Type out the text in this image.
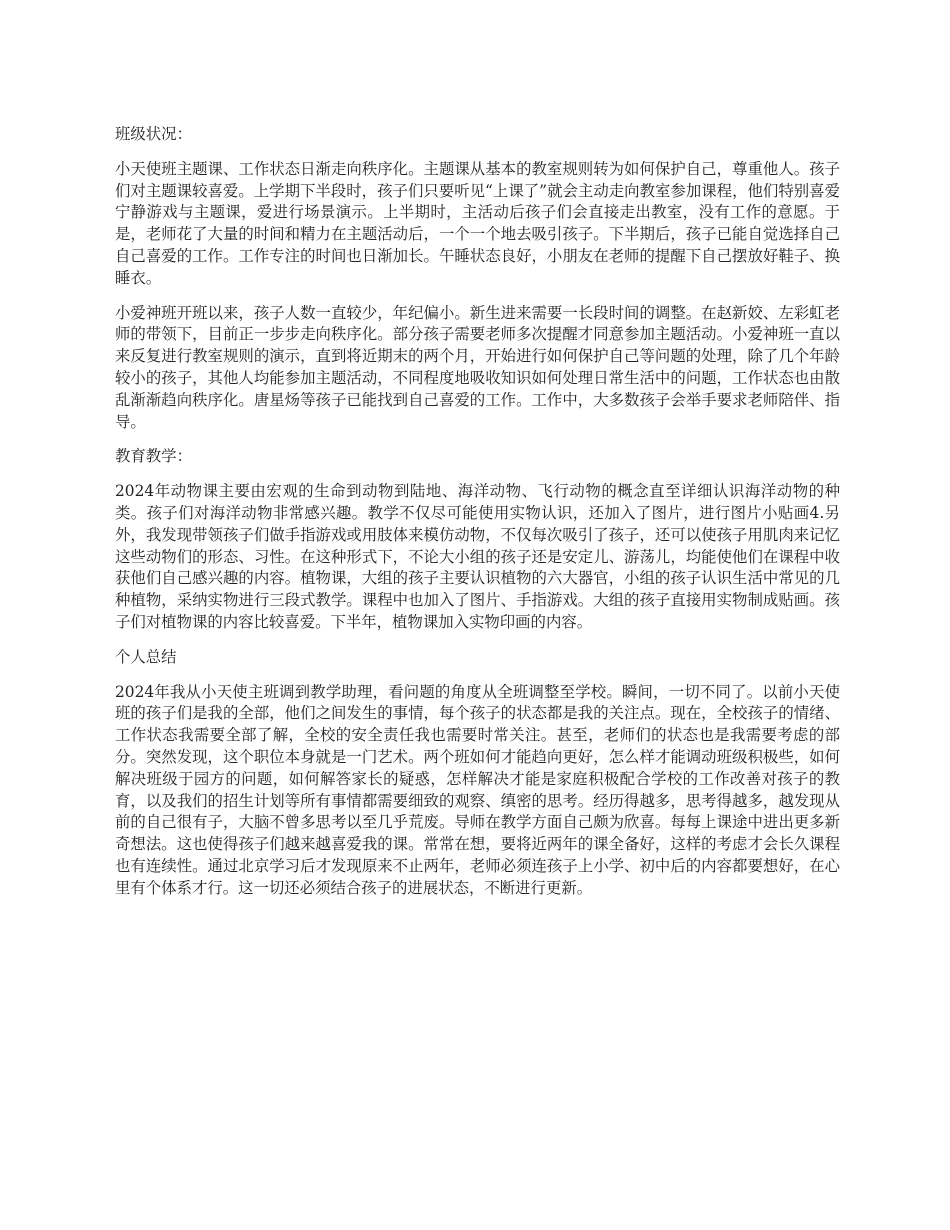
班级状况：

小天使班主题课、工作状态日渐走向秩序化。主题课从基本的教室规则转为如何保护自己，尊重他人。孩子们对主题课较喜爱。上学期下半段时，孩子们只要听见“上课了”就会主动走向教室参加课程，他们特别喜爱宁静游戏与主题课，爱进行场景演示。上半期时，主活动后孩子们会直接走出教室，没有工作的意愿。于是，老师花了大量的时间和精力在主题活动后，一个一个地去吸引孩子。下半期后，孩子已能自觉选择自己自己喜爱的工作。工作专注的时间也日渐加长。午睡状态良好，小朋友在老师的提醒下自己摆放好鞋子、换睡衣。

小爱神班开班以来，孩子人数一直较少，年纪偏小。新生进来需要一长段时间的调整。在赵新姣、左彩虹老师的带领下，目前正一步步走向秩序化。部分孩子需要老师多次提醒才同意参加主题活动。小爱神班一直以来反复进行教室规则的演示，直到将近期末的两个月，开始进行如何保护自己等问题的处理，除了几个年龄较小的孩子，其他人均能参加主题活动，不同程度地吸收知识如何处理日常生活中的问题，工作状态也由散乱渐渐趋向秩序化。唐星炀等孩子已能找到自己喜爱的工作。工作中，大多数孩子会举手要求老师陪伴、指导。

教育教学：

2024年动物课主要由宏观的生命到动物到陆地、海洋动物、飞行动物的概念直至详细认识海洋动物的种类。孩子们对海洋动物非常感兴趣。教学不仅尽可能使用实物认识，还加入了图片，进行图片小贴画4.另外，我发现带领孩子们做手指游戏或用肢体来模仿动物，不仅每次吸引了孩子，还可以使孩子用肌肉来记忆这些动物们的形态、习性。在这种形式下，不论大小组的孩子还是安定儿、游荡儿，均能使他们在课程中收获他们自己感兴趣的内容。植物课，大组的孩子主要认识植物的六大器官，小组的孩子认识生活中常见的几种植物，采纳实物进行三段式教学。课程中也加入了图片、手指游戏。大组的孩子直接用实物制成贴画。孩子们对植物课的内容比较喜爱。下半年，植物课加入实物印画的内容。

个人总结

2024年我从小天使主班调到教学助理，看问题的角度从全班调整至学校。瞬间，一切不同了。以前小天使班的孩子们是我的全部，他们之间发生的事情，每个孩子的状态都是我的关注点。现在，全校孩子的情绪、工作状态我需要全部了解，全校的安全责任我也需要时常关注。甚至，老师们的状态也是我需要考虑的部分。突然发现，这个职位本身就是一门艺术。两个班如何才能趋向更好，怎么样才能调动班级积极些，如何解决班级于园方的问题，如何解答家长的疑惑，怎样解决才能是家庭积极配合学校的工作改善对孩子的教育，以及我们的招生计划等所有事情都需要细致的观察、缜密的思考。经历得越多，思考得越多，越发现从前的自己很有子，大脑不曾多思考以至几乎荒废。导师在教学方面自己颇为欣喜。每每上课途中进出更多新奇想法。这也使得孩子们越来越喜爱我的课。常常在想，要将近两年的课全备好，这样的考虑才会长久课程也有连续性。通过北京学习后才发现原来不止两年，老师必须连孩子上小学、初中后的内容都要想好，在心里有个体系才行。这一切还必须结合孩子的进展状态，不断进行更新。
